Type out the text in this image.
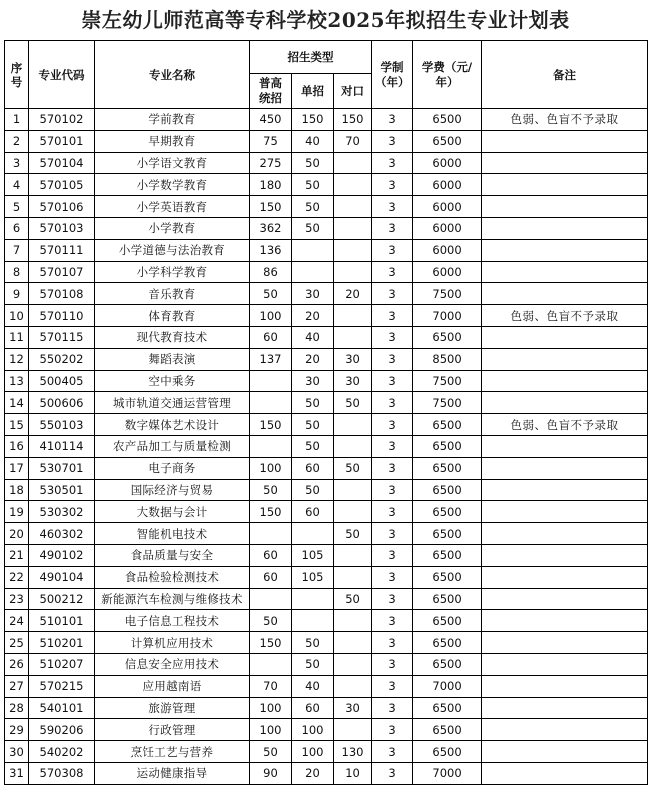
崇左幼儿师范高等专科学校2025年拟招生专业计划表
序号	专业代码	专业名称	招生类型			学制（年）	学费（元/年）	备注
			普高统招	单招	对口			
1	570102	学前教育	450	150	150	3	6500	色弱、色盲不予录取
2	570101	早期教育	75	40	70	3	6500	
3	570104	小学语文教育	275	50		3	6000	
4	570105	小学数学教育	180	50		3	6000	
5	570106	小学英语教育	150	50		3	6000	
6	570103	小学教育	362	50		3	6000	
7	570111	小学道德与法治教育	136			3	6000	
8	570107	小学科学教育	86			3	6000	
9	570108	音乐教育	50	30	20	3	7500	
10	570110	体育教育	100	20		3	7000	色弱、色盲不予录取
11	570115	现代教育技术	60	40		3	6500	
12	550202	舞蹈表演	137	20	30	3	8500	
13	500405	空中乘务		30	30	3	7500	
14	500606	城市轨道交通运营管理		50	50	3	7500	
15	550103	数字媒体艺术设计	150	50		3	6500	色弱、色盲不予录取
16	410114	农产品加工与质量检测		50		3	6500	
17	530701	电子商务	100	60	50	3	6500	
18	530501	国际经济与贸易	50	50		3	6500	
19	530302	大数据与会计	150	60		3	6500	
20	460302	智能机电技术			50	3	6500	
21	490102	食品质量与安全	60	105		3	6500	
22	490104	食品检验检测技术	60	105		3	6500	
23	500212	新能源汽车检测与维修技术			50	3	6500	
24	510101	电子信息工程技术	50			3	6500	
25	510201	计算机应用技术	150	50		3	6500	
26	510207	信息安全应用技术		50		3	6500	
27	570215	应用越南语	70	40		3	7000	
28	540101	旅游管理	100	60	30	3	6500	
29	590206	行政管理	100	100		3	6500	
30	540202	烹饪工艺与营养	50	100	130	3	6500	
31	570308	运动健康指导	90	20	10	3	7000	
